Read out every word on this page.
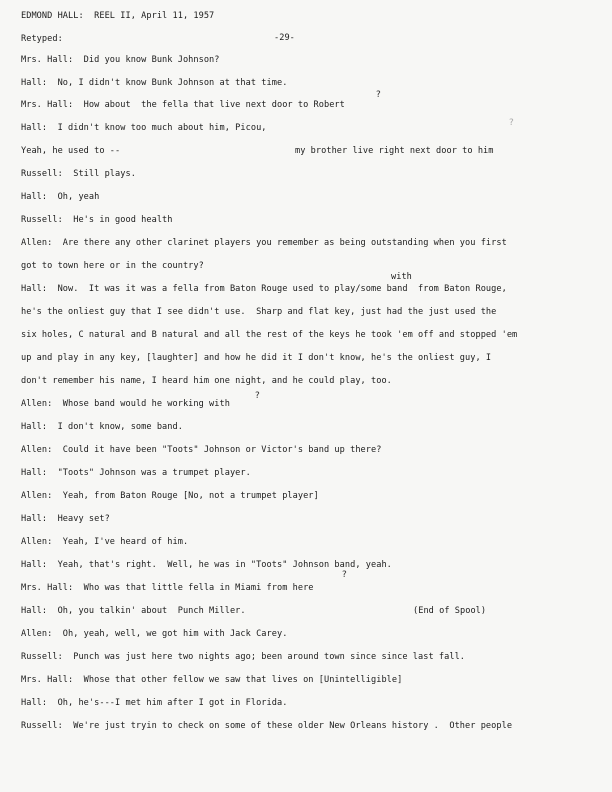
EDMOND HALL:  REEL II, April 11, 1957
Retyped:	-29-
Mrs. Hall:  Did you know Bunk Johnson?
Hall:  No, I didn't know Bunk Johnson at that time.
Mrs. Hall:  How about  the fella that live next door to Robert
?
Hall:  I didn't know too much about him, Picou,	?
Yeah, he used to --	my brother live right next door to him
Russell:  Still plays.
Hall:  Oh, yeah
Russell:  He's in good health
Allen:  Are there any other clarinet players you remember as being outstanding when you first
got to town here or in the country?
with
Hall:  Now.  It was it was a fella from Baton Rouge used to play/some band  from Baton Rouge,
he's the onliest guy that I see didn't use.  Sharp and flat key, just had the just used the
six holes, C natural and B natural and all the rest of the keys he took 'em off and stopped 'em
up and play in any key, [laughter] and how he did it I don't know, he's the onliest guy, I
don't remember his name, I heard him one night, and he could play, too.
Allen:  Whose band would he working with
?
Hall:  I don't know, some band.
Allen:  Could it have been "Toots" Johnson or Victor's band up there?
Hall:  "Toots" Johnson was a trumpet player.
Allen:  Yeah, from Baton Rouge [No, not a trumpet player]
Hall:  Heavy set?
Allen:  Yeah, I've heard of him.
Hall:  Yeah, that's right.  Well, he was in "Toots" Johnson band, yeah.
Mrs. Hall:  Who was that little fella in Miami from here
?
Hall:  Oh, you talkin' about  Punch Miller.	(End of Spool)
Allen:  Oh, yeah, well, we got him with Jack Carey.
Russell:  Punch was just here two nights ago; been around town since since last fall.
Mrs. Hall:  Whose that other fellow we saw that lives on [Unintelligible]
Hall:  Oh, he's---I met him after I got in Florida.
Russell:  We're just tryin to check on some of these older New Orleans history .  Other people
